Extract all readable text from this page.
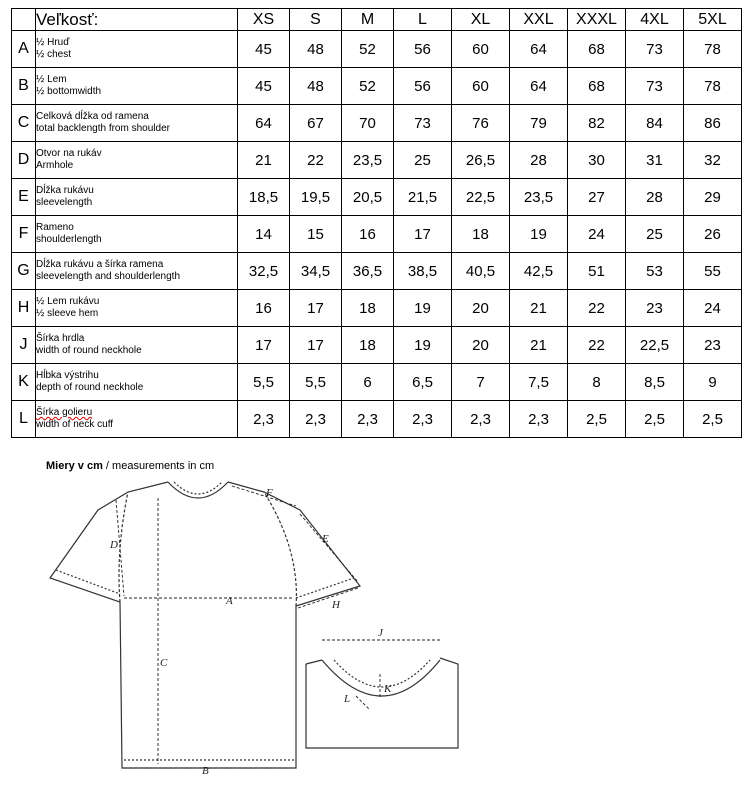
	Veľkosť:	XS	S	M	L	XL	XXL	XXXL	4XL	5XL
A	½ Hruď
½ chest	45	48	52	56	60	64	68	73	78
B	½ Lem
½ bottomwidth	45	48	52	56	60	64	68	73	78
C	Celková dĺžka od ramena
total backlength from shoulder	64	67	70	73	76	79	82	84	86
D	Otvor na rukáv
Armhole	21	22	23,5	25	26,5	28	30	31	32
E	Dĺžka rukávu
sleevelength	18,5	19,5	20,5	21,5	22,5	23,5	27	28	29
F	Rameno
shoulderlength	14	15	16	17	18	19	24	25	26
G	Dĺžka rukávu a šírka ramena
sleevelength and shoulderlength	32,5	34,5	36,5	38,5	40,5	42,5	51	53	55
H	½ Lem rukávu
½ sleeve hem	16	17	18	19	20	21	22	23	24
J	Šírka hrdla
width of round neckhole	17	17	18	19	20	21	22	22,5	23
K	Hĺbka výstrihu
depth of round neckhole	5,5	5,5	6	6,5	7	7,5	8	8,5	9
L	Šírka golieru
width of neck cuff	2,3	2,3	2,3	2,3	2,3	2,3	2,5	2,5	2,5
Miery v cm / measurements in cm
D
F
E
A	H
C
B
J
K
L
